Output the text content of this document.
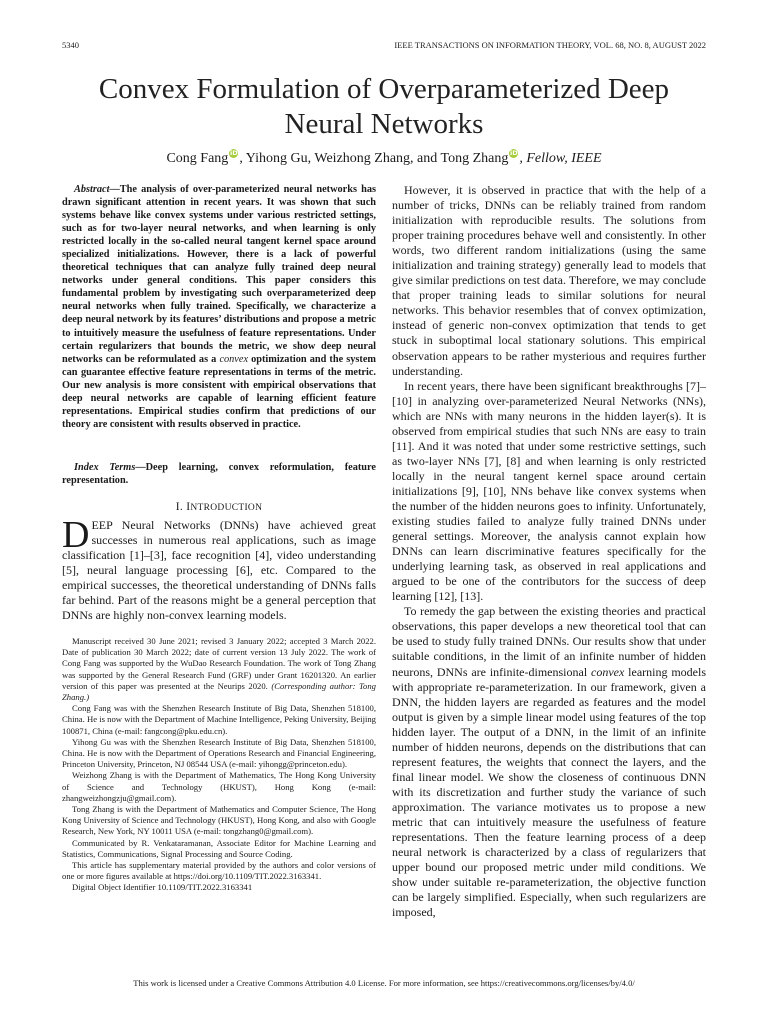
5340	IEEE TRANSACTIONS ON INFORMATION THEORY, VOL. 68, NO. 8, AUGUST 2022
Convex Formulation of Overparameterized Deep Neural Networks
Cong Fang iD , Yihong Gu, Weizhong Zhang, and Tong Zhang iD , Fellow, IEEE
Abstract—The analysis of over-parameterized neural networks has drawn significant attention in recent years. It was shown that such systems behave like convex systems under various restricted settings, such as for two-layer neural networks, and when learning is only restricted locally in the so-called neural tangent kernel space around specialized initializations. However, there is a lack of powerful theoretical techniques that can analyze fully trained deep neural networks under general conditions. This paper considers this fundamental problem by investigating such overparameterized deep neural networks when fully trained. Specifically, we characterize a deep neural network by its features’ distributions and propose a metric to intuitively measure the usefulness of feature representations. Under certain regularizers that bounds the metric, we show deep neural networks can be reformulated as a convex optimization and the system can guarantee effective feature representations in terms of the metric. Our new analysis is more consistent with empirical observations that deep neural networks are capable of learning efficient feature representations. Empirical studies confirm that predictions of our theory are consistent with results observed in practice.
Index Terms—Deep learning, convex reformulation, feature representation.
I. INTRODUCTION
DEEP Neural Networks (DNNs) have achieved great successes in numerous real applications, such as image classification [1]–[3], face recognition [4], video understanding [5], neural language processing [6], etc. Compared to the empirical successes, the theoretical understanding of DNNs falls far behind. Part of the reasons might be a general perception that DNNs are highly non-convex learning models.

Manuscript received 30 June 2021; revised 3 January 2022; accepted 3 March 2022. Date of publication 30 March 2022; date of current version 13 July 2022. The work of Cong Fang was supported by the WuDao Research Foundation. The work of Tong Zhang was supported by the General Research Fund (GRF) under Grant 16201320. An earlier version of this paper was presented at the Neurips 2020. (Corresponding author: Tong Zhang.)

Cong Fang was with the Shenzhen Research Institute of Big Data, Shenzhen 518100, China. He is now with the Department of Machine Intelligence, Peking University, Beijing 100871, China (e-mail: fangcong@pku.edu.cn).

Yihong Gu was with the Shenzhen Research Institute of Big Data, Shenzhen 518100, China. He is now with the Department of Operations Research and Financial Engineering, Princeton University, Princeton, NJ 08544 USA (e-mail: yihongg@princeton.edu).

Weizhong Zhang is with the Department of Mathematics, The Hong Kong University of Science and Technology (HKUST), Hong Kong (e-mail: zhangweizhongzju@gmail.com).

Tong Zhang is with the Department of Mathematics and Computer Science, The Hong Kong University of Science and Technology (HKUST), Hong Kong, and also with Google Research, New York, NY 10011 USA (e-mail: tongzhang0@gmail.com).

Communicated by R. Venkataramanan, Associate Editor for Machine Learning and Statistics, Communications, Signal Processing and Source Coding.

This article has supplementary material provided by the authors and color versions of one or more figures available at https://doi.org/10.1109/TIT.2022.3163341.

Digital Object Identifier 10.1109/TIT.2022.3163341

However, it is observed in practice that with the help of a number of tricks, DNNs can be reliably trained from random initialization with reproducible results. The solutions from proper training procedures behave well and consistently. In other words, two different random initializations (using the same initialization and training strategy) generally lead to models that give similar predictions on test data. Therefore, we may conclude that proper training leads to similar solutions for neural networks. This behavior resembles that of convex optimization, instead of generic non-convex optimization that tends to get stuck in suboptimal local stationary solutions. This empirical observation appears to be rather mysterious and requires further understanding.

In recent years, there have been significant breakthroughs [7]–[10] in analyzing over-parameterized Neural Networks (NNs), which are NNs with many neurons in the hidden layer(s). It is observed from empirical studies that such NNs are easy to train [11]. And it was noted that under some restrictive settings, such as two-layer NNs [7], [8] and when learning is only restricted locally in the neural tangent kernel space around certain initializations [9], [10], NNs behave like convex systems when the number of the hidden neurons goes to infinity. Unfortunately, existing studies failed to analyze fully trained DNNs under general settings. Moreover, the analysis cannot explain how DNNs can learn discriminative features specifically for the underlying learning task, as observed in real applications and argued to be one of the contributors for the success of deep learning [12], [13].

To remedy the gap between the existing theories and practical observations, this paper develops a new theoretical tool that can be used to study fully trained DNNs. Our results show that under suitable conditions, in the limit of an infinite number of hidden neurons, DNNs are infinite-dimensional convex learning models with appropriate re-parameterization. In our framework, given a DNN, the hidden layers are regarded as features and the model output is given by a simple linear model using features of the top hidden layer. The output of a DNN, in the limit of an infinite number of hidden neurons, depends on the distributions that can represent features, the weights that connect the layers, and the final linear model. We show the closeness of continuous DNN with its discretization and further study the variance of such approximation. The variance motivates us to propose a new metric that can intuitively measure the usefulness of feature representations. Then the feature learning process of a deep neural network is characterized by a class of regularizers that upper bound our proposed metric under mild conditions. We show under suitable re-parameterization, the objective function can be largely simplified. Especially, when such regularizers are imposed,

This work is licensed under a Creative Commons Attribution 4.0 License. For more information, see https://creativecommons.org/licenses/by/4.0/
